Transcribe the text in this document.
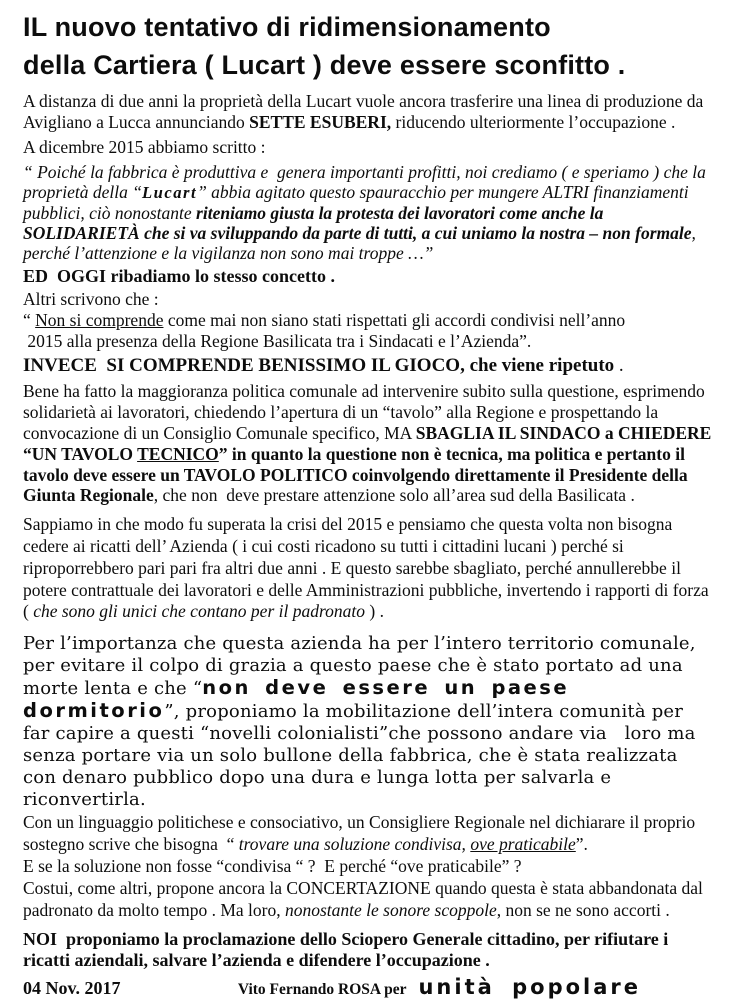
IL nuovo tentativo di ridimensionamento
della Cartiera ( Lucart ) deve essere sconfitto .

A distanza di due anni la proprietà della Lucart vuole ancora trasferire una linea di produzione da Avigliano a Lucca annunciando SETTE ESUBERI, riducendo ulteriormente l’occupazione .

A dicembre 2015 abbiamo scritto :

“ Poiché la fabbrica è produttiva e  genera importanti profitti, noi crediamo ( e speriamo ) che la proprietà della “Lucart” abbia agitato questo spauracchio per mungere ALTRI finanziamenti pubblici, ciò nonostante riteniamo giusta la protesta dei lavoratori come anche la SOLIDARIETÀ che si va sviluppando da parte di tutti, a cui uniamo la nostra – non formale, perché l’attenzione e la vigilanza non sono mai troppe …”

ED  OGGI ribadiamo lo stesso concetto .

Altri scrivono che :
“ Non si comprende come mai non siano stati rispettati gli accordi condivisi nell’anno
2015 alla presenza della Regione Basilicata tra i Sindacati e l’Azienda”.

INVECE  SI COMPRENDE BENISSIMO IL GIOCO, che viene ripetuto .

Bene ha fatto la maggioranza politica comunale ad intervenire subito sulla questione, esprimendo solidarietà ai lavoratori, chiedendo l’apertura di un “tavolo” alla Regione e prospettando la convocazione di un Consiglio Comunale specifico, MA SBAGLIA IL SINDACO a CHIEDERE “UN TAVOLO TECNICO” in quanto la questione non è tecnica, ma politica e pertanto il tavolo deve essere un TAVOLO POLITICO coinvolgendo direttamente il Presidente della Giunta Regionale, che non  deve prestare attenzione solo all’area sud della Basilicata .

Sappiamo in che modo fu superata la crisi del 2015 e pensiamo che questa volta non bisogna cedere ai ricatti dell’ Azienda ( i cui costi ricadono su tutti i cittadini lucani ) perché si riproporrebbero pari pari fra altri due anni . E questo sarebbe sbagliato, perché annullerebbe il potere contrattuale dei lavoratori e delle Amministrazioni pubbliche, invertendo i rapporti di forza ( che sono gli unici che contano per il padronato ) .

Per l’importanza che questa azienda ha per l’intero territorio comunale, per evitare il colpo di grazia a questo paese che è stato portato ad una morte lenta e che “non deve essere un paese dormitorio”, proponiamo la mobilitazione dell’intera comunità per far capire a questi “novelli colonialisti”che possono andare via   loro ma senza portare via un solo bullone della fabbrica, che è stata realizzata con denaro pubblico dopo una dura e lunga lotta per salvarla e riconvertirla.

Con un linguaggio politichese e consociativo, un Consigliere Regionale nel dichiarare il proprio sostegno scrive che bisogna  “ trovare una soluzione condivisa, ove praticabile”.
E se la soluzione non fosse “condivisa “ ?  E perché “ove praticabile” ?
Costui, come altri, propone ancora la CONCERTAZIONE quando questa è stata abbandonata dal padronato da molto tempo . Ma loro, nonostante le sonore scoppole, non se ne sono accorti .

NOI  proponiamo la proclamazione dello Sciopero Generale cittadino, per rifiutare i ricatti aziendali, salvare l’azienda e difendere l’occupazione .

04 Nov. 2017	Vito Fernando ROSA per unità popolare
